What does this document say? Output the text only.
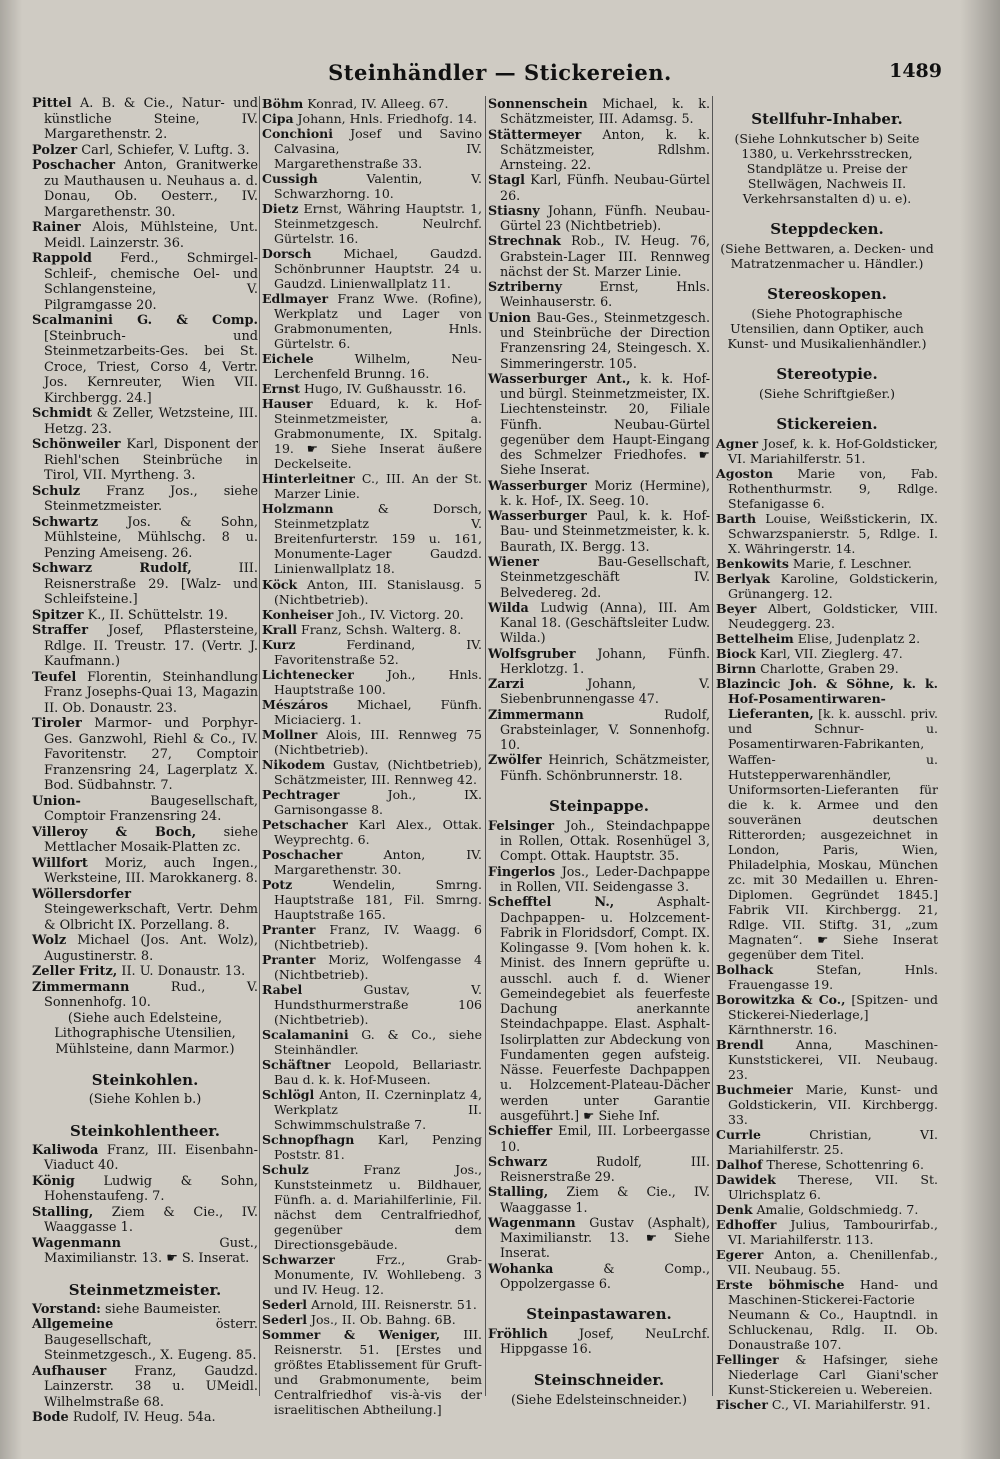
Steinhändler — Stickereien.	1489

Pittel A. B. & Cie., Natur- und künstliche Steine, IV. Margarethenstr. 2.

Polzer Carl, Schiefer, V. Luftg. 3.

Poschacher Anton, Granitwerke zu Mauthausen u. Neuhaus a. d. Donau, Ob. Oesterr., IV. Margarethenstr. 30.

Rainer Alois, Mühlsteine, Unt. Meidl. Lainzerstr. 36.

Rappold Ferd., Schmirgel-Schleif-, chemische Oel- und Schlangensteine, V. Pilgramgasse 20.

Scalmanini G. & Comp. [Steinbruch- und Steinmetzarbeits-Ges. bei St. Croce, Triest, Corso 4, Vertr. Jos. Kernreuter, Wien VII. Kirchbergg. 24.]

Schmidt & Zeller, Wetzsteine, III. Hetzg. 23.

Schönweiler Karl, Disponent der Riehl'schen Steinbrüche in Tirol, VII. Myrtheng. 3.

Schulz Franz Jos., siehe Steinmetzmeister.

Schwartz Jos. & Sohn, Mühlsteine, Mühlschg. 8 u. Penzing Ameiseng. 26.

Schwarz Rudolf,	III. Reisnerstraße 29. [Walz- und Schleifsteine.]

Spitzer K., II. Schüttelstr. 19.

Straffer Josef, Pflastersteine, Rdlge. II. Treustr. 17. (Vertr. J. Kaufmann.)

Teufel Florentin, Steinhandlung Franz Josephs-Quai 13, Magazin II. Ob. Donaustr. 23.

Tiroler Marmor- und Porphyr-Ges. Ganzwohl, Riehl & Co., IV. Favoritenstr. 27, Comptoir Franzensring 24, Lagerplatz X. Bod. Südbahnstr. 7.

Union-	Baugesellschaft, Comptoir Franzensring 24.

Villeroy & Boch, siehe Mettlacher Mosaik-Platten zc.

Willfort Moriz, auch Ingen., Werksteine, III. Marokkanerg. 8.

Wöllersdorfer Steingewerkschaft, Vertr. Dehm & Olbricht IX. Porzellang. 8.

Wolz Michael (Jos. Ant. Wolz), Augustinerstr. 8.

Zeller Fritz, II. U. Donaustr. 13.

Zimmermann	Rud., V. Sonnenhofg. 10.

(Siehe auch Edelsteine, Lithographische Utensilien, Mühlsteine, dann Marmor.)
Steinkohlen.
(Siehe Kohlen b.)
Steinkohlentheer.

Kaliwoda Franz, III. Eisenbahn-Viaduct 40.

König Ludwig & Sohn, Hohenstaufeng. 7.

Stalling, Ziem & Cie., IV. Waaggasse 1.

Wagenmann	Gust., Maximilianstr. 13. ☛ S. Inserat.

Steinmetzmeister.

Vorstand: siehe Baumeister.

Allgemeine	österr. Baugesellschaft, Steinmetzgesch., X. Eugeng. 85.

Aufhauser Franz, Gaudzd. Lainzerstr. 38 u. UMeidl. Wilhelmstraße 68.

Bode Rudolf, IV. Heug. 54a.

Böhm Konrad, IV. Alleeg. 67.

Cipa Johann, Hnls. Friedhofg. 14.

Conchioni Josef und Savino Calvasina, IV. Margarethenstraße 33.

Cussigh	Valentin, V. Schwarzhorng. 10.

Dietz Ernst, Währing Hauptstr. 1, Steinmetzgesch. Neulrchf. Gürtelstr. 16.

Dorsch	Michael, Gaudzd. Schönbrunner Hauptstr. 24 u. Gaudzd. Linienwallplatz 11.

Edlmayer Franz Wwe. (Rofine), Werkplatz und Lager von Grabmonumenten, Hnls. Gürtelstr. 6.

Eichele	Wilhelm, Neu-Lerchenfeld Brunng. 16.

Ernst Hugo, IV. Gußhausstr. 16.

Hauser Eduard, k. k. Hof-Steinmetzmeister, a. Grabmonumente, IX. Spitalg. 19. ☛ Siehe Inserat äußere Deckelseite.

Hinterleitner C., III. An der St. Marzer Linie.

Holzmann	& Dorsch, Steinmetzplatz V. Breitenfurterstr. 159 u. 161, Monumente-Lager Gaudzd. Linienwallplatz 18.

Köck Anton, III. Stanislausg. 5 (Nichtbetrieb).

Konheiser Joh., IV. Victorg. 20.

Krall Franz, Schsh. Walterg. 8.

Kurz	Ferdinand, IV. Favoritenstraße 52.

Lichtenecker	Joh., Hnls. Hauptstraße 100.

Mészáros Michael, Fünfh. Miciacierg. 1.

Mollner Alois, III. Rennweg 75 (Nichtbetrieb).

Nikodem Gustav, (Nichtbetrieb), Schätzmeister, III. Rennweg 42.

Pechtrager	Joh., IX. Garnisongasse 8.

Petschacher Karl Alex., Ottak. Weyprechtg. 6.

Poschacher	Anton, IV. Margarethenstr. 30.

Potz	Wendelin, Smrng. Hauptstraße 181, Fil. Smrng. Hauptstraße 165.

Pranter Franz, IV. Waagg. 6 (Nichtbetrieb).

Pranter Moriz, Wolfengasse 4 (Nichtbetrieb).

Rabel	Gustav, V. Hundsthurmerstraße 106 (Nichtbetrieb).

Scalamanini G. & Co., siehe Steinhändler.

Schäftner Leopold, Bellariastr. Bau d. k. k. Hof-Museen.

Schlögl Anton, II. Czerninplatz 4, Werkplatz II. Schwimmschulstraße 7.

Schnopfhagn Karl, Penzing Poststr. 81.

Schulz	Franz Jos., Kunststeinmetz u. Bildhauer, Fünfh. a. d. Mariahilferlinie, Fil. nächst dem Centralfriedhof, gegenüber dem Directionsgebäude.

Schwarzer	Frz., Grab-Monumente, IV. Wohllebeng. 3 und IV. Heug. 12.

Sederl Arnold, III. Reisnerstr. 51.

Sederl Jos., II. Ob. Bahng. 6B.

Sommer & Weniger, III. Reisnerstr. 51. [Erstes und größtes Etablissement für Gruft- und Grabmonumente, beim Centralfriedhof vis-à-vis der israelitischen Abtheilung.]

Sonnenschein Michael, k. k. Schätzmeister, III. Adamsg. 5.

Stättermeyer Anton, k. k. Schätzmeister, Rdlshm. Arnsteing. 22.

Stagl Karl, Fünfh. Neubau-Gürtel 26.

Stiasny Johann, Fünfh. Neubau-Gürtel 23 (Nichtbetrieb).

Strechnak Rob., IV. Heug. 76, Grabstein-Lager III. Rennweg nächst der St. Marzer Linie.

Sztriberny	Ernst, Hnls. Weinhauserstr. 6.

Union Bau-Ges., Steinmetzgesch. und Steinbrüche der Direction Franzensring 24, Steingesch. X. Simmeringerstr. 105.

Wasserburger Ant., k. k. Hof- und bürgl. Steinmetzmeister, IX. Liechtensteinstr. 20, Filiale Fünfh. Neubau-Gürtel gegenüber dem Haupt-Eingang des Schmelzer Friedhofes. ☛ Siehe Inserat.

Wasserburger Moriz (Hermine), k. k. Hof-, IX. Seeg. 10.

Wasserburger Paul, k. k. Hof-Bau- und Steinmetzmeister, k. k. Baurath, IX. Bergg. 13.

Wiener	Bau-Gesellschaft, Steinmetzgeschäft IV. Belvedereg. 2d.

Wilda Ludwig (Anna), III. Am Kanal 18. (Geschäftsleiter Ludw. Wilda.)

Wolfsgruber Johann, Fünfh. Herklotzg. 1.

Zarzi	Johann, V. Siebenbrunnengasse 47.

Zimmermann	Rudolf, Grabsteinlager, V. Sonnenhofg. 10.

Zwölfer Heinrich, Schätzmeister, Fünfh. Schönbrunnerstr. 18.

Steinpappe.

Felsinger Joh., Steindachpappe in Rollen, Ottak. Rosenhügel 3, Compt. Ottak. Hauptstr. 35.

Fingerlos Jos., Leder-Dachpappe in Rollen, VII. Seidengasse 3.

Schefftel N.,	Asphalt-Dachpappen- u. Holzcement-Fabrik in Floridsdorf, Compt. IX. Kolingasse 9. [Vom hohen k. k. Minist. des Innern geprüfte u. ausschl. auch f. d. Wiener Gemeindegebiet als feuerfeste Dachung anerkannte Steindachpappe. Elast. Asphalt-Isolirplatten zur Abdeckung von Fundamenten gegen aufsteig. Nässe. Feuerfeste Dachpappen u. Holzcement-Plateau-Dächer werden unter Garantie ausgeführt.] ☛ Siehe Inf.

Schieffer Emil, III. Lorbeergasse 10.

Schwarz	Rudolf, III. Reisnerstraße 29.

Stalling, Ziem & Cie., IV. Waaggasse 1.

Wagenmann Gustav (Asphalt), Maximilianstr. 13. ☛ Siehe Inserat.

Wohanka	& Comp., Oppolzergasse 6.

Steinpastawaren.

Fröhlich Josef, NeuLrchf. Hippgasse 16.

Steinschneider.
(Siehe Edelsteinschneider.)
Stellfuhr-Inhaber.
(Siehe Lohnkutscher b) Seite 1380, u. Verkehrsstrecken, Standplätze u. Preise der Stellwägen, Nachweis II. Verkehrsanstalten d) u. e).
Steppdecken.
(Siehe Bettwaren, a. Decken- und Matratzenmacher u. Händler.)
Stereoskopen.
(Siehe Photographische Utensilien, dann Optiker, auch Kunst- und Musikalienhändler.)
Stereotypie.
(Siehe Schriftgießer.)
Stickereien.

Agner Josef, k. k. Hof-Goldsticker, VI. Mariahilferstr. 51.

Agoston Marie von, Fab. Rothenthurmstr. 9, Rdlge. Stefanigasse 6.

Barth Louise, Weißstickerin, IX. Schwarzspanierstr. 5, Rdlge. I. X. Währingerstr. 14.

Benkowits Marie, f. Leschner.

Berlyak Karoline, Goldstickerin, Grünangerg. 12.

Beyer Albert, Goldsticker, VIII. Neudeggerg. 23.

Bettelheim Elise, Judenplatz 2.

Biock Karl, VII. Zieglerg. 47.

Birnn Charlotte, Graben 29.

Blazincic Joh. & Söhne, k. k. Hof-Posamentirwaren-Lieferanten, [k. k. ausschl. priv. und Schnur- u. Posamentirwaren-Fabrikanten, Waffen- u. Hutstepperwarenhändler, Uniformsorten-Lieferanten für die k. k. Armee und den souveränen deutschen Ritterorden; ausgezeichnet in London, Paris, Wien, Philadelphia, Moskau, München zc. mit 30 Medaillen u. Ehren-Diplomen. Gegründet 1845.] Fabrik VII. Kirchbergg. 21, Rdlge. VII. Stiftg. 31, „zum Magnaten“. ☛ Siehe Inserat gegenüber dem Titel.

Bolhack	Stefan, Hnls. Frauengasse 19.

Borowitzka & Co., [Spitzen- und Stickerei-Niederlage,] Kärnthnerstr. 16.

Brendl	Anna, Maschinen-Kunststickerei, VII. Neubaug. 23.

Buchmeier Marie, Kunst- und Goldstickerin, VII. Kirchbergg. 33.

Currle	Christian, VI. Mariahilferstr. 25.

Dalhof Therese, Schottenring 6.

Dawidek Therese, VII. St. Ulrichsplatz 6.

Denk Amalie, Goldschmiedg. 7.

Edhoffer Julius, Tambourirfab., VI. Mariahilferstr. 113.

Egerer Anton, a. Chenillenfab., VII. Neubaug. 55.

Erste böhmische Hand- und Maschinen-Stickerei-Factorie Neumann & Co., Hauptndl. in Schluckenau, Rdlg. II. Ob. Donaustraße 107.

Fellinger & Hafsinger, siehe Niederlage Carl Giani'scher Kunst-Stickereien u. Webereien.

Fischer C., VI. Mariahilferstr. 91.
